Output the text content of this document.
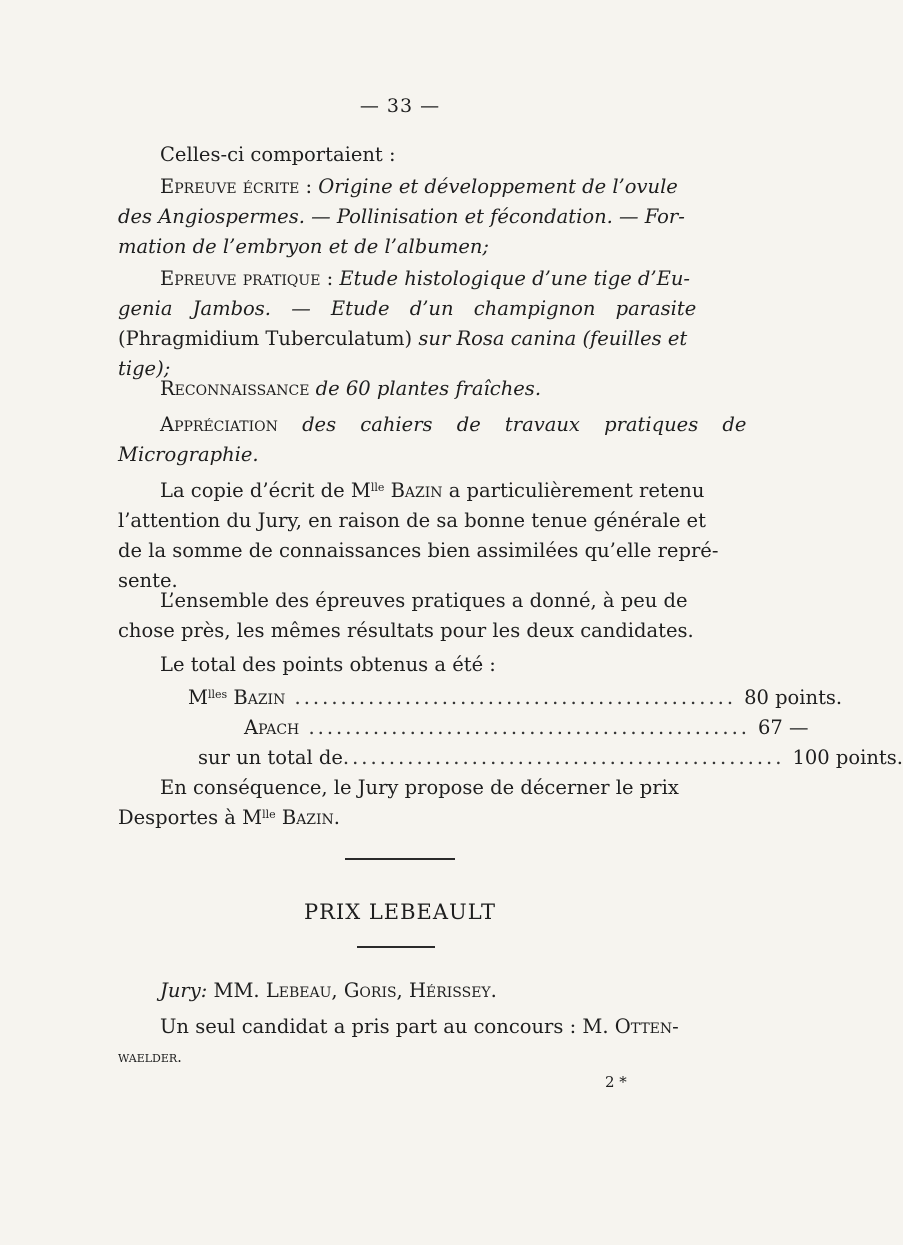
— 33 —
Celles-ci comportaient :
Epreuve écrite : Origine et développement de l’ovule
des Angiospermes. — Pollinisation et fécondation. — For-
mation de l’embryon et de l’albumen;
Epreuve pratique : Etude histologique d’une tige d’Eu-
genia Jambos. — Etude d’un champignon parasite
(Phragmidium Tuberculatum) sur Rosa canina (feuilles et
tige);
Reconnaissance de 60 plantes fraîches.
Appréciation des cahiers de travaux pratiques de
Micrographie.
La copie d’écrit de $M^{lle}$ Bazin a particulièrement retenu
l’attention du Jury, en raison de sa bonne tenue générale et
de la somme de connaissances bien assimilées qu’elle repré-
sente.
L’ensemble des épreuves pratiques a donné, à peu de
chose près, les mêmes résultats pour les deux candidates.
Le total des points obtenus a été :
$M^{lles}$ Bazin ................................................ 80 points.
Apach ................................................ 67 —
sur un total de ................................................ 100 points.
En conséquence, le Jury propose de décerner le prix
Desportes à $M^{lle}$ Bazin.
PRIX LEBEAULT
Jury: MM. Lebeau, Goris, Hérissey.
Un seul candidat a pris part au concours : M. Otten-
waelder.
2 *
